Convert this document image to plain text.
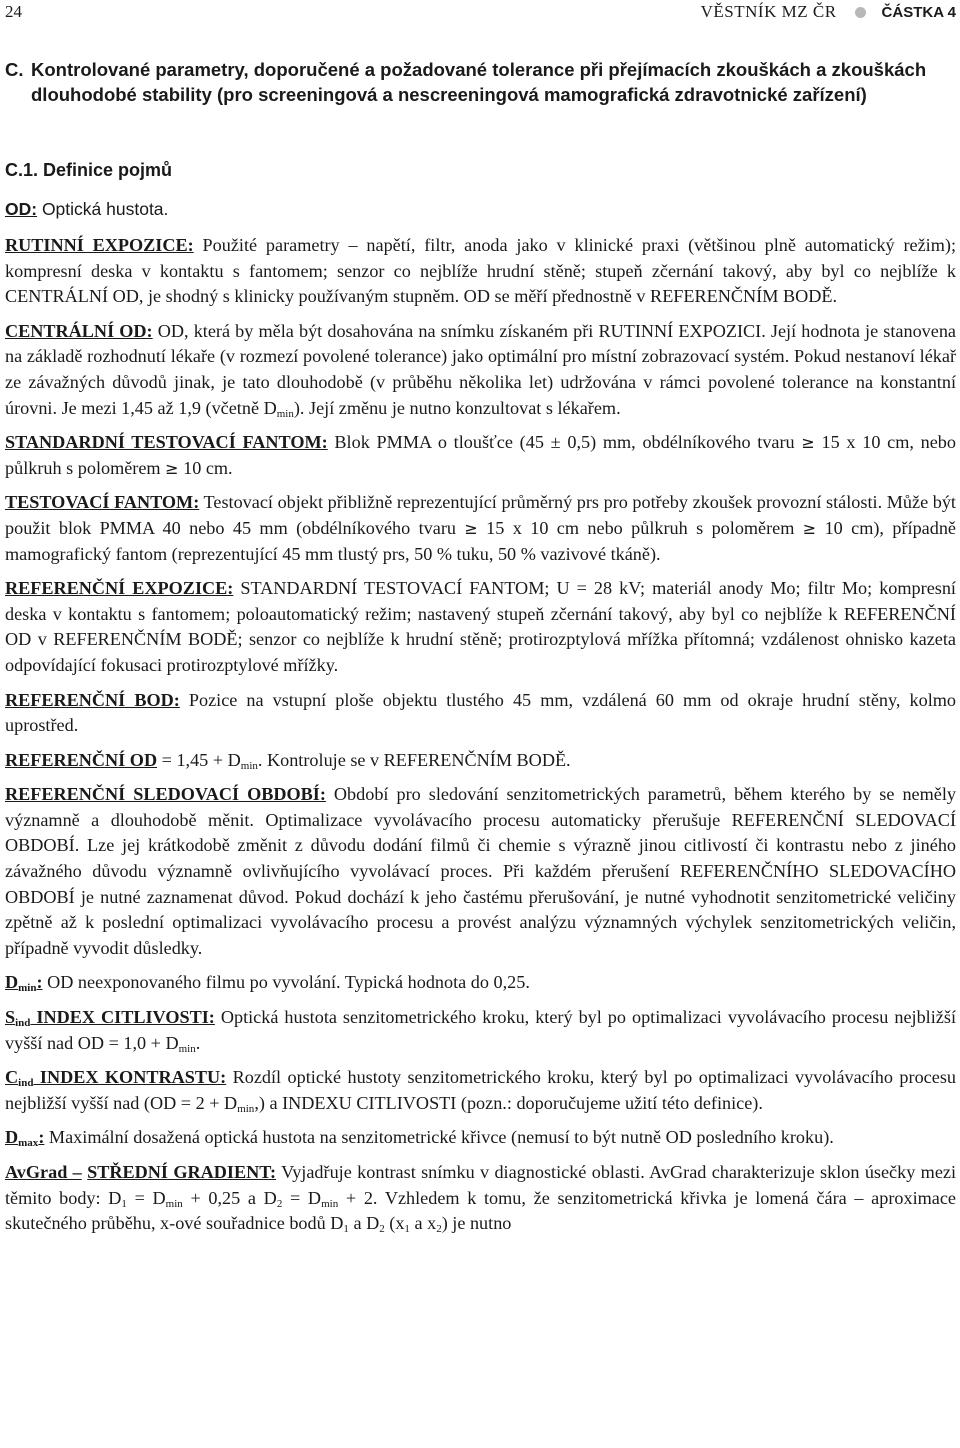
24	VĚSTNÍK MZ ČR	ČÁSTKA 4
C. Kontrolované parametry, doporučené a požadované tolerance při přejímacích zkouškách a zkouškách dlouhodobé stability (pro screeningová a nescreeningová mamografická zdravotnické zařízení)
C.1. Definice pojmů
OD: Optická hustota.

RUTINNÍ EXPOZICE: Použité parametry – napětí, filtr, anoda jako v klinické praxi (většinou plně automatický režim); kompresní deska v kontaktu s fantomem; senzor co nejblíže hrudní stěně; stupeň zčernání takový, aby byl co nejblíže k CENTRÁLNÍ OD, je shodný s klinicky používaným stupněm. OD se měří přednostně v REFERENČNÍM BODĚ.

CENTRÁLNÍ OD: OD, která by měla být dosahována na snímku získaném při RUTINNÍ EXPOZICI. Její hodnota je stanovena na základě rozhodnutí lékaře (v rozmezí povolené tolerance) jako optimální pro místní zobrazovací systém. Pokud nestanoví lékař ze závažných důvodů jinak, je tato dlouhodobě (v průběhu několika let) udržována v rámci povolené tolerance na konstantní úrovni. Je mezi 1,45 až 1,9 (včetně $D_{min}$). Její změnu je nutno konzultovat s lékařem.

STANDARDNÍ TESTOVACÍ FANTOM: Blok PMMA o tloušťce (45 ± 0,5) mm, obdélníkového tvaru ≥ 15 x 10 cm, nebo půlkruh s poloměrem ≥ 10 cm.

TESTOVACÍ FANTOM: Testovací objekt přibližně reprezentující průměrný prs pro potřeby zkoušek provozní stálosti. Může být použit blok PMMA 40 nebo 45 mm (obdélníkového tvaru ≥ 15 x 10 cm nebo půlkruh s poloměrem ≥ 10 cm), případně mamografický fantom (reprezentující 45 mm tlustý prs, 50 % tuku, 50 % vazivové tkáně).

REFERENČNÍ EXPOZICE: STANDARDNÍ TESTOVACÍ FANTOM; U = 28 kV; materiál anody Mo; filtr Mo; kompresní deska v kontaktu s fantomem; poloautomatický režim; nastavený stupeň zčernání takový, aby byl co nejblíže k REFERENČNÍ OD v REFERENČNÍM BODĚ; senzor co nejblíže k hrudní stěně; protirozptylová mřížka přítomná; vzdálenost ohnisko kazeta odpovídající fokusaci protirozptylové mřížky.

REFERENČNÍ BOD: Pozice na vstupní ploše objektu tlustého 45 mm, vzdálená 60 mm od okraje hrudní stěny, kolmo uprostřed.

REFERENČNÍ OD = $1,45 + D_{min}$. Kontroluje se v REFERENČNÍM BODĚ.

REFERENČNÍ SLEDOVACÍ OBDOBÍ: Období pro sledování senzitometrických parametrů, během kterého by se neměly významně a dlouhodobě měnit. Optimalizace vyvolávacího procesu automaticky přerušuje REFERENČNÍ SLEDOVACÍ OBDOBÍ. Lze jej krátkodobě změnit z důvodu dodání filmů či chemie s výrazně jinou citlivostí či kontrastu nebo z jiného závažného důvodu významně ovlivňujícího vyvolávací proces. Při každém přerušení REFERENČNÍHO SLEDOVACÍHO OBDOBÍ je nutné zaznamenat důvod. Pokud dochází k jeho častému přerušování, je nutné vyhodnotit senzitometrické veličiny zpětně až k poslední optimalizaci vyvolávacího procesu a provést analýzu významných výchylek senzitometrických veličin, případně vyvodit důsledky.

$D_{min}$: OD neexponovaného filmu po vyvolání. Typická hodnota do 0,25.

$S_{ind}$ INDEX CITLIVOSTI: Optická hustota senzitometrického kroku, který byl po optimalizaci vyvolávacího procesu nejbližší vyšší nad OD = $1,0 + D_{min}$.

$C_{ind}$ INDEX KONTRASTU: Rozdíl optické hustoty senzitometrického kroku, který byl po optimalizaci vyvolávacího procesu nejbližší vyšší nad $(OD = 2 + D_{min},)$ a INDEXU CITLIVOSTI (pozn.: doporučujeme užití této definice).

$D_{max}$: Maximální dosažená optická hustota na senzitometrické křivce (nemusí to být nutně OD posledního kroku).

AvGrad – STŘEDNÍ GRADIENT: Vyjadřuje kontrast snímku v diagnostické oblasti. AvGrad charakterizuje sklon úsečky mezi těmito body: $D_1 = D_{min} + 0,25$ a $D_2 = D_{min} + 2$. Vzhledem k tomu, že senzitometrická křivka je lomená čára – aproximace skutečného průběhu, x-ové souřadnice bodů $D_1$ a $D_2$ ($x_1$ a $x_2$) je nutno
